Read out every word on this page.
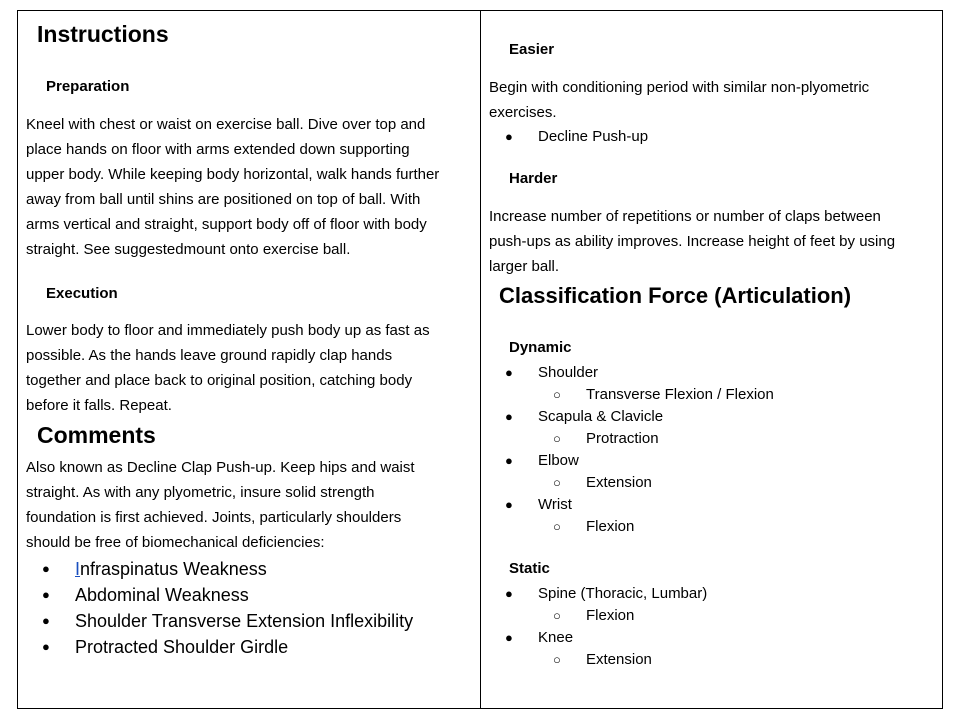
Instructions
Preparation
Kneel with chest or waist on exercise ball. Dive over top and
place hands on floor with arms extended down supporting
upper body. While keeping body horizontal, walk hands further
away from ball until shins are positioned on top of ball. With
arms vertical and straight, support body off of floor with body
straight. See suggestedmount onto exercise ball.
Execution
Lower body to floor and immediately push body up as fast as
possible. As the hands leave ground rapidly clap hands
together and place back to original position, catching body
before it falls. Repeat.
Comments
Also known as Decline Clap Push-up. Keep hips and waist
straight. As with any plyometric, insure solid strength
foundation is first achieved. Joints, particularly shoulders
should be free of biomechanical deficiencies:
● Infraspinatus Weakness
● Abdominal Weakness
● Shoulder Transverse Extension Inflexibility
● Protracted Shoulder Girdle
Easier
Begin with conditioning period with similar non-plyometric
exercises.
● Decline Push-up
Harder
Increase number of repetitions or number of claps between
push-ups as ability improves. Increase height of feet by using
larger ball.
Classification Force (Articulation)
Dynamic
● Shoulder
○ Transverse Flexion / Flexion
● Scapula & Clavicle
○ Protraction
● Elbow
○ Extension
● Wrist
○ Flexion
Static
● Spine (Thoracic, Lumbar)
○ Flexion
● Knee
○ Extension
